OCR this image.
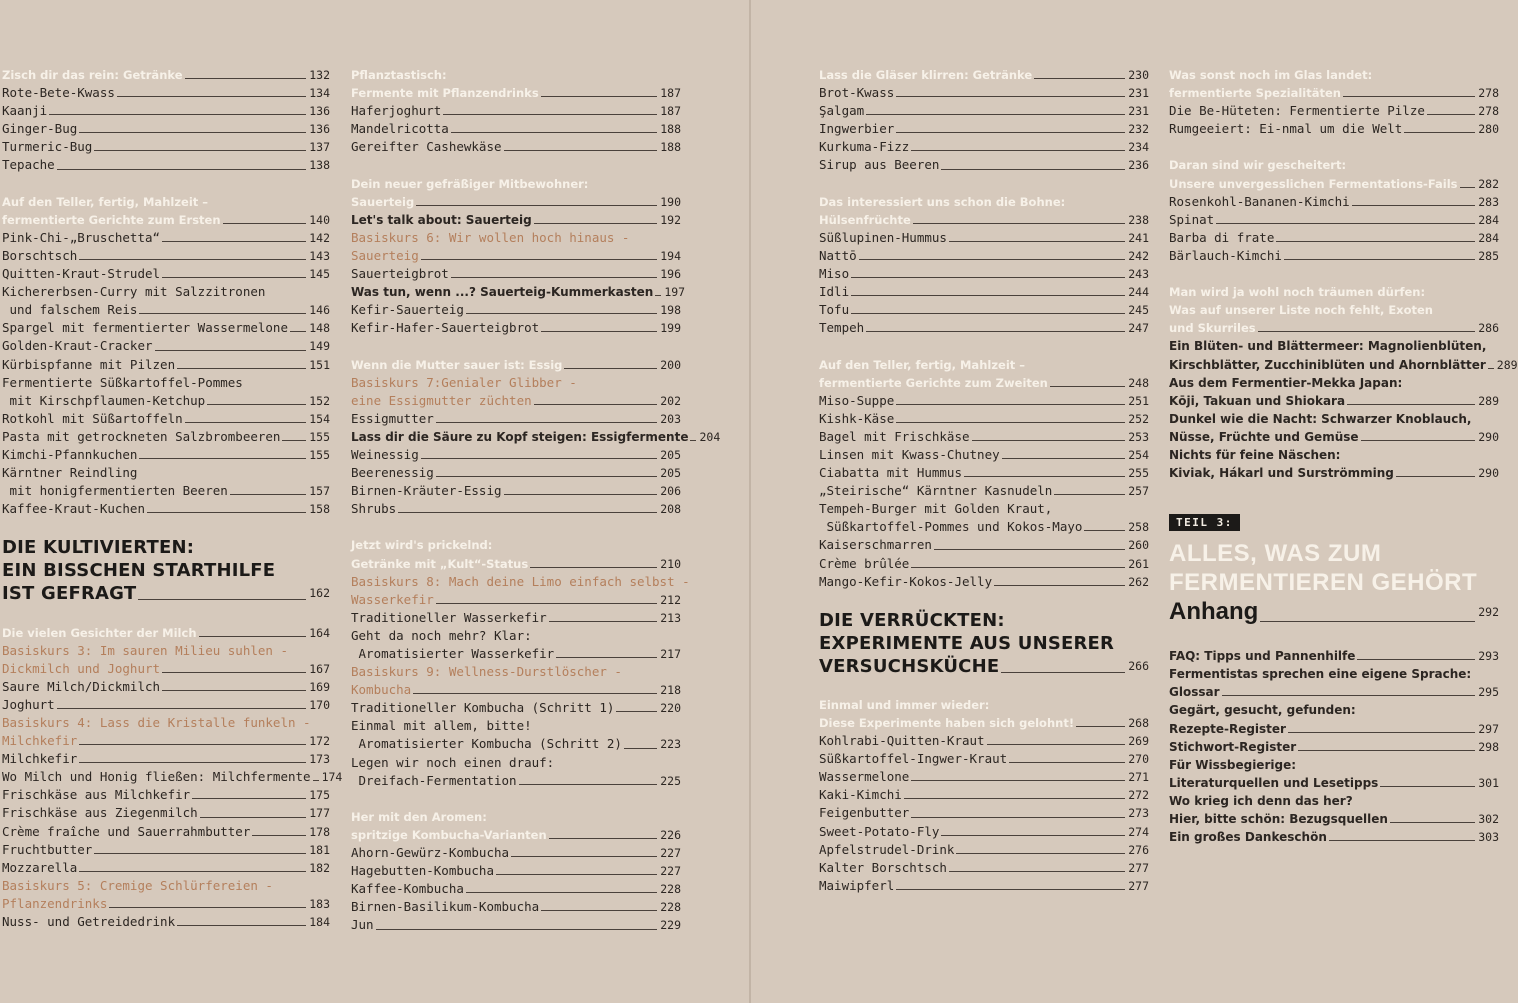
Zisch dir das rein: Getränke	132
Rote-Bete-Kwass	134
Kaanji	136
Ginger-Bug	136
Turmeric-Bug	137
Tepache	138
Auf den Teller, fertig, Mahlzeit –
fermentierte Gerichte zum Ersten	140
Pink-Chi-„Bruschetta“	142
Borschtsch	143
Quitten-Kraut-Strudel	145
Kichererbsen-Curry mit Salzzitronen
und falschem Reis	146
Spargel mit fermentierter Wassermelone 148
Golden-Kraut-Cracker	149
Kürbispfanne mit Pilzen	151
Fermentierte Süßkartoffel-Pommes
mit Kirschpflaumen-Ketchup	152
Rotkohl mit Süßartoffeln	154
Pasta mit getrockneten Salzbrombeeren	155
Kimchi-Pfannkuchen	155
Kärntner Reindling
mit honigfermentierten Beeren	157
Kaffee-Kraut-Kuchen	158
DIE KULTIVIERTEN:
EIN BISSCHEN STARTHILFE
IST GEFRAGT	162
Die vielen Gesichter der Milch	164
Basiskurs 3: Im sauren Milieu suhlen -
Dickmilch und Joghurt	167
Saure Milch/Dickmilch	169
Joghurt	170
Basiskurs 4: Lass die Kristalle funkeln -
Milchkefir	172
Milchkefir	173
Wo Milch und Honig fließen: Milchfermente 174
Frischkäse aus Milchkefir	175
Frischkäse aus Ziegenmilch	177
Crème fraîche und Sauerrahmbutter	178
Fruchtbutter	181
Mozzarella	182
Basiskurs 5: Cremige Schlürfereien -
Pflanzendrinks	183
Nuss- und Getreidedrink	184
Pflanztastisch:
Fermente mit Pflanzendrinks	187
Haferjoghurt	187
Mandelricotta	188
Gereifter Cashewkäse	188
Dein neuer gefräßiger Mitbewohner:
Sauerteig	190
Let's talk about: Sauerteig	192
Basiskurs 6: Wir wollen hoch hinaus -
Sauerteig	194
Sauerteigbrot	196
Was tun, wenn ...? Sauerteig-Kummerkasten 197
Kefir-Sauerteig	198
Kefir-Hafer-Sauerteigbrot	199
Wenn die Mutter sauer ist: Essig	200
Basiskurs 7:Genialer Glibber -
eine Essigmutter züchten	202
Essigmutter	203
Lass dir die Säure zu Kopf steigen: Essigfermente 204
Weinessig	205
Beerenessig	205
Birnen-Kräuter-Essig	206
Shrubs	208
Jetzt wird's prickelnd:
Getränke mit „Kult“-Status	210
Basiskurs 8: Mach deine Limo einfach selbst -
Wasserkefir	212
Traditioneller Wasserkefir	213
Geht da noch mehr? Klar:
Aromatisierter Wasserkefir	217
Basiskurs 9: Wellness-Durstlöscher -
Kombucha	218
Traditioneller Kombucha (Schritt 1)	220
Einmal mit allem, bitte!
Aromatisierter Kombucha (Schritt 2)	223
Legen wir noch einen drauf:
Dreifach-Fermentation	225
Her mit den Aromen:
spritzige Kombucha-Varianten	226
Ahorn-Gewürz-Kombucha	227
Hagebutten-Kombucha	227
Kaffee-Kombucha	228
Birnen-Basilikum-Kombucha	228
Jun	229
Lass die Gläser klirren: Getränke	230
Brot-Kwass	231
Şalgam	231
Ingwerbier	232
Kurkuma-Fizz	234
Sirup aus Beeren	236
Das interessiert uns schon die Bohne:
Hülsenfrüchte	238
Süßlupinen-Hummus	241
Nattō	242
Miso	243
Idli	244
Tofu	245
Tempeh	247
Auf den Teller, fertig, Mahlzeit –
fermentierte Gerichte zum Zweiten	248
Miso-Suppe	251
Kishk-Käse	252
Bagel mit Frischkäse	253
Linsen mit Kwass-Chutney	254
Ciabatta mit Hummus	255
„Steirische“ Kärntner Kasnudeln	257
Tempeh-Burger mit Golden Kraut,
Süßkartoffel-Pommes und Kokos-Mayo	258
Kaiserschmarren	260
Crème brûlée	261
Mango-Kefir-Kokos-Jelly	262
DIE VERRÜCKTEN:
EXPERIMENTE AUS UNSERER
VERSUCHSKÜCHE	266
Einmal und immer wieder:
Diese Experimente haben sich gelohnt!	268
Kohlrabi-Quitten-Kraut	269
Süßkartoffel-Ingwer-Kraut	270
Wassermelone	271
Kaki-Kimchi	272
Feigenbutter	273
Sweet-Potato-Fly	274
Apfelstrudel-Drink	276
Kalter Borschtsch	277
Maiwipferl	277
Was sonst noch im Glas landet:
fermentierte Spezialitäten	278
Die Be-Hüteten: Fermentierte Pilze	278
Rumgeeiert: Ei-nmal um die Welt	280
Daran sind wir gescheitert:
Unsere unvergesslichen Fermentations-Fails 282
Rosenkohl-Bananen-Kimchi	283
Spinat	284
Barba di frate	284
Bärlauch-Kimchi	285
Man wird ja wohl noch träumen dürfen:
Was auf unserer Liste noch fehlt, Exoten
und Skurriles	286
Ein Blüten- und Blättermeer: Magnolienblüten,
Kirschblätter, Zucchiniblüten und Ahornblätter 289
Aus dem Fermentier-Mekka Japan:
Kōji, Takuan und Shiokara	289
Dunkel wie die Nacht: Schwarzer Knoblauch,
Nüsse, Früchte und Gemüse	290
Nichts für feine Näschen:
Kiviak, Hákarl und Surströmming	290
TEIL 3:
ALLES, WAS ZUM
FERMENTIEREN GEHÖRT
Anhang	292
FAQ: Tipps und Pannenhilfe	293
Fermentistas sprechen eine eigene Sprache:
Glossar	295
Gegärt, gesucht, gefunden:
Rezepte-Register	297
Stichwort-Register	298
Für Wissbegierige:
Literaturquellen und Lesetipps	301
Wo krieg ich denn das her?
Hier, bitte schön: Bezugsquellen	302
Ein großes Dankeschön	303
